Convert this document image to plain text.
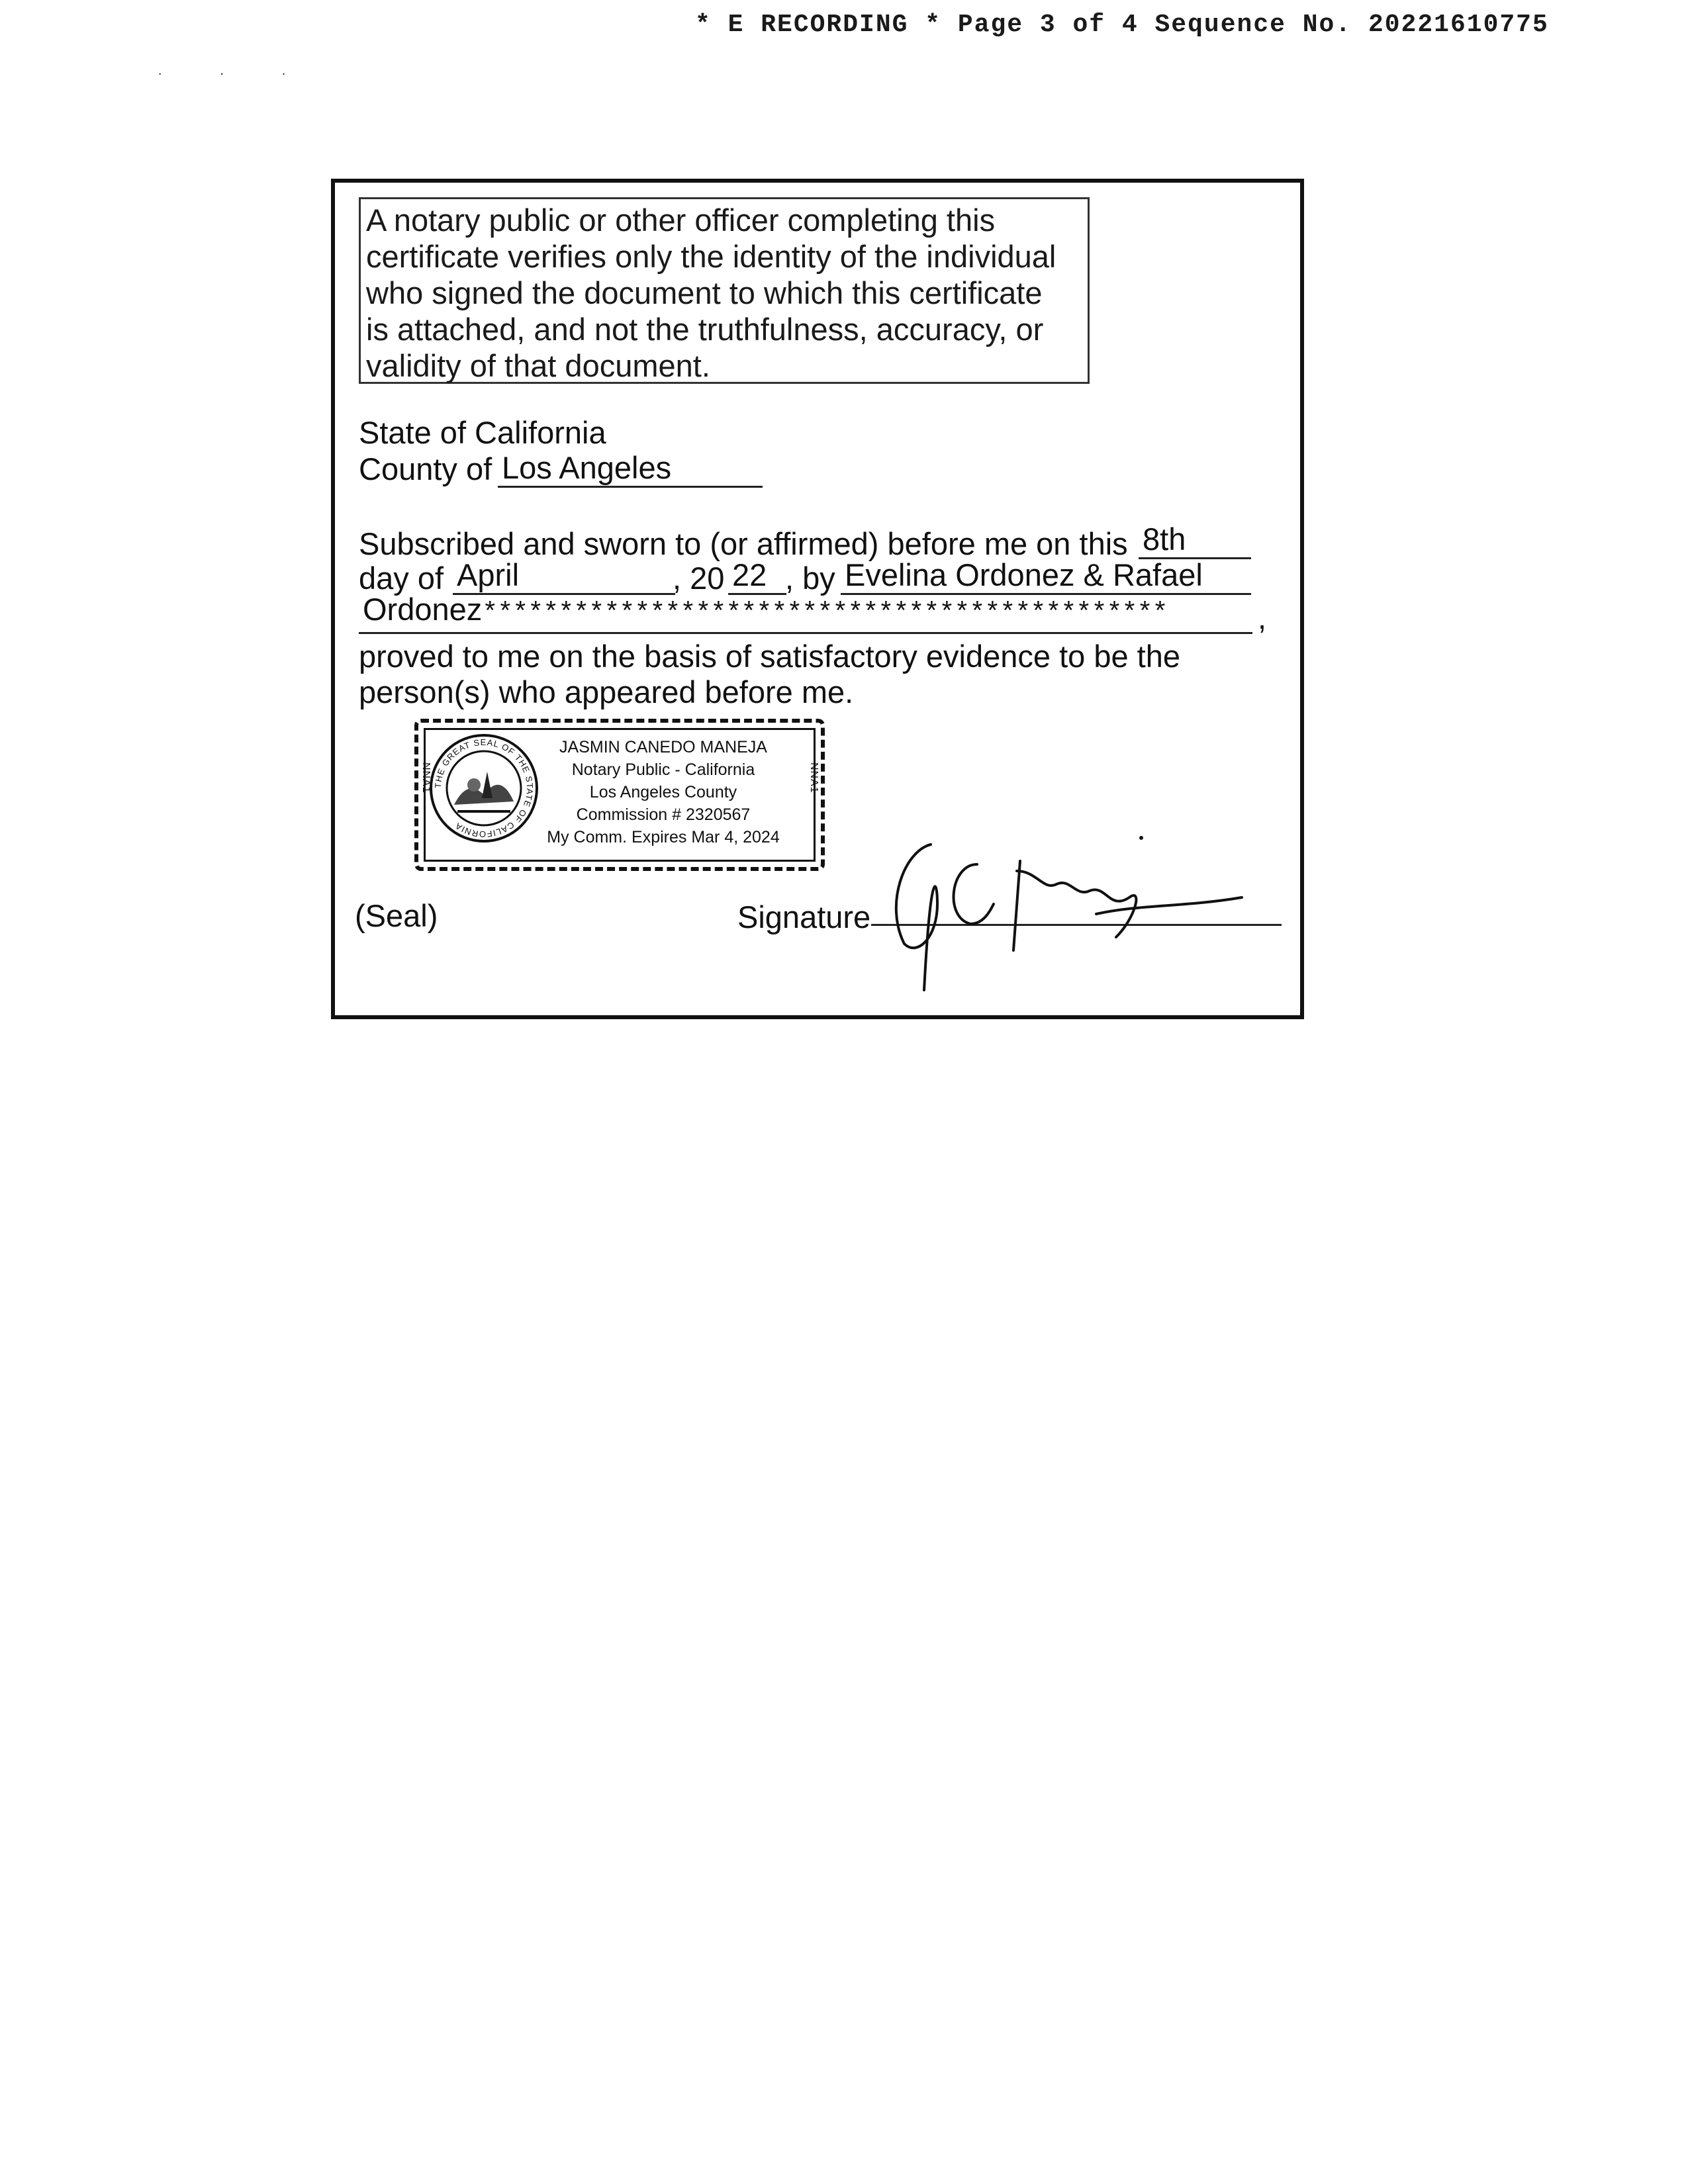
* E RECORDING * Page 3 of 4 Sequence No. 20221610775
· · ·
A notary public or other officer completing this
certificate verifies only the identity of the individual
who signed the document to which this certificate
is attached, and not the truthfulness, accuracy, or
validity of that document.
State of California
County of Los Angeles
Subscribed and sworn to (or affirmed) before me on this 8th
day of April	, 20 22 , by Evelina Ordonez & Rafael
Ordonez*********************************************	,
proved to me on the basis of satisfactory evidence to be the
person(s) who appeared before me.
THE GREAT SEAL OF THE STATE OF CALIFORNIA
NNA1	NNA1
JASMIN CANEDO MANEJA
Notary Public - California
Los Angeles County
Commission # 2320567
My Comm. Expires Mar 4, 2024
(Seal)	Signature
